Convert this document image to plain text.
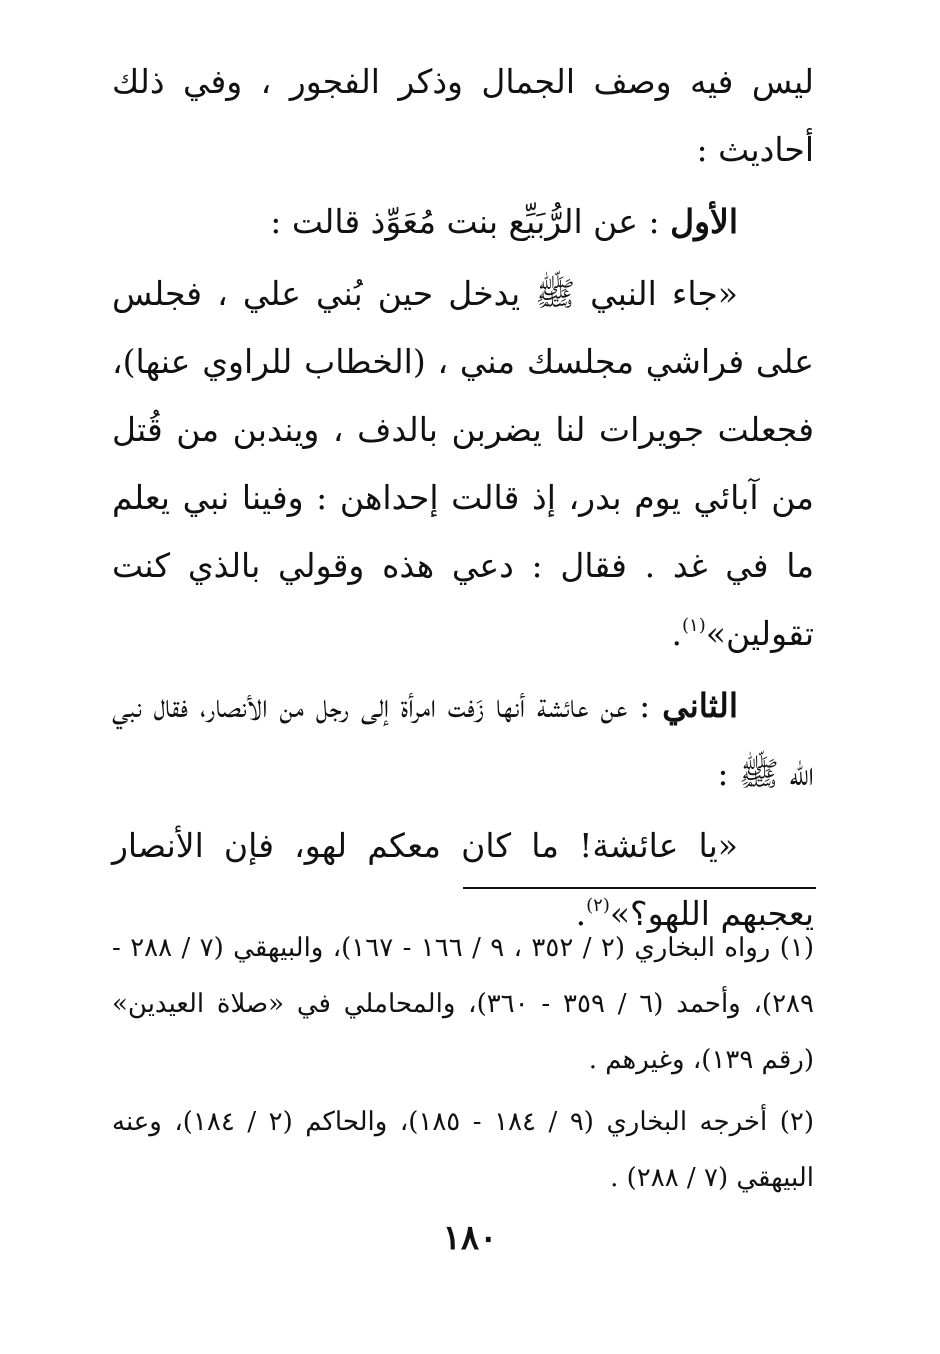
ليس فيه وصف الجمال وذكر الفجور ، وفي ذلك أحاديث :

الأول : عن الرُّبَيِّع بنت مُعَوِّذ قالت :

«جاء النبي ﷺ يدخل حين بُني علي ، فجلس على فراشي مجلسك مني ، (الخطاب للراوي عنها)، فجعلت جويرات لنا يضربن بالدف ، ويندبن من قُتل من آبائي يوم بدر، إذ قالت إحداهن : وفينا نبي يعلم ما في غد . فقال : دعي هذه وقولي بالذي كنت تقولين»$^{(١)}$.

الثاني : عن عائشة أنها زَفت امرأة إلى رجل من الأنصار، فقال نبي الله ﷺ :

«يا عائشة! ما كان معكم لهو، فإن الأنصار يعجبهم اللهو؟»$^{(٢)}$.

(١) رواه البخاري (٢ / ٣٥٢ ، ٩ / ١٦٦ - ١٦٧)، والبيهقي (٧ / ٢٨٨ - ٢٨٩)، وأحمد (٦ / ٣٥٩ - ٣٦٠)، والمحاملي في «صلاة العيدين» (رقم ١٣٩)، وغيرهم .

(٢) أخرجه البخاري (٩ / ١٨٤ - ١٨٥)، والحاكم (٢ / ١٨٤)، وعنه البيهقي (٧ / ٢٨٨) .

١٨٠
